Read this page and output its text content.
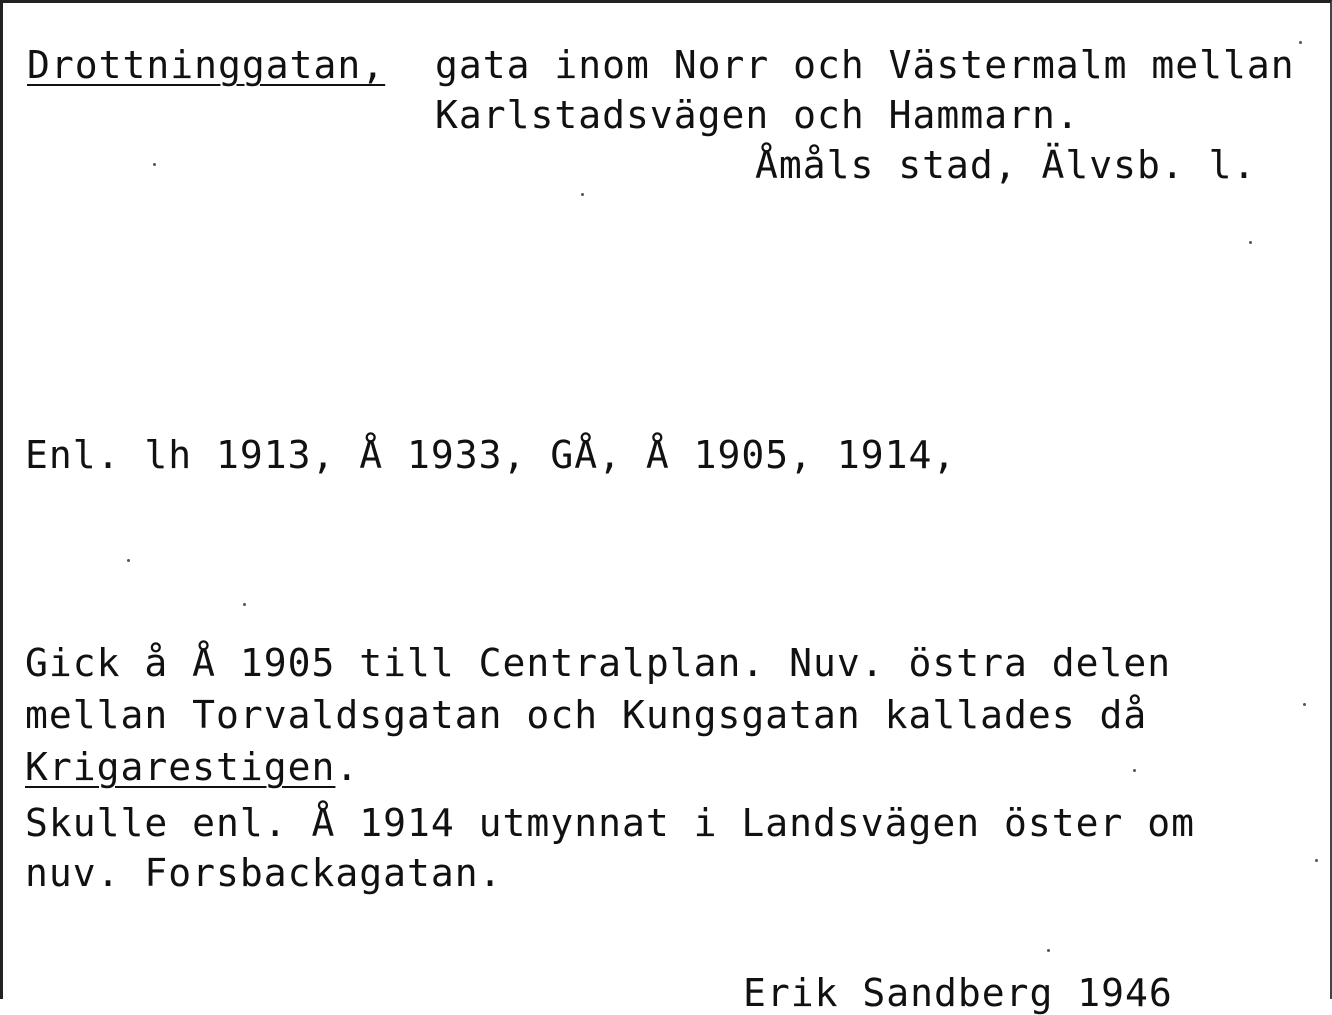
Drottninggatan, gata inom Norr och Västermalm mellan
Karlstadsvägen och Hammarn.
Åmåls stad, Älvsb. l.
Enl. lh 1913, Å 1933, GÅ, Å 1905, 1914,
Gick å Å 1905 till Centralplan. Nuv. östra delen
mellan Torvaldsgatan och Kungsgatan kallades då
Krigarestigen.
Skulle enl. Å 1914 utmynnat i Landsvägen öster om
nuv. Forsbackagatan.
Erik Sandberg 1946
